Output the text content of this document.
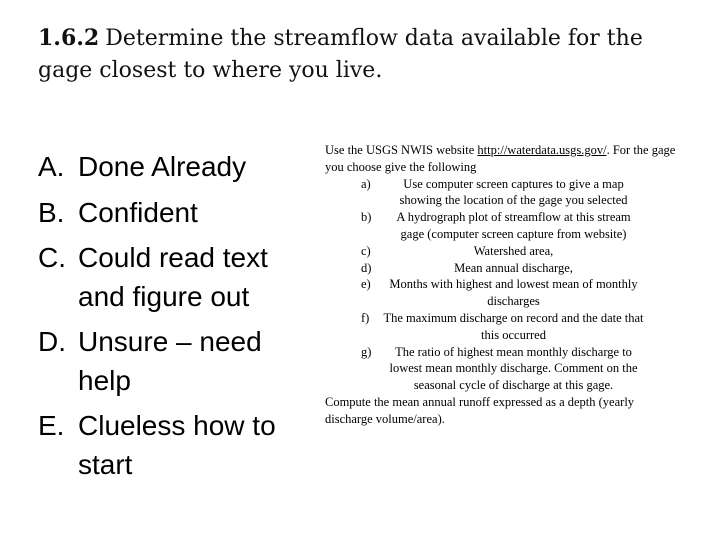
1.6.2 Determine the streamflow data available for the gage closest to where you live.
A. Done Already
B. Confident
C. Could read text and figure out
D. Unsure – need help
E. Clueless how to start
Use the USGS NWIS website http://waterdata.usgs.gov/. For the gage you choose give the following
a)	Use computer screen captures to give a map showing the location of the gage you selected
b) A hydrograph plot of streamflow at this stream gage (computer screen capture from website)
c)	Watershed area,
d)	Mean annual discharge,
e) Months with highest and lowest mean of monthly discharges
f) The maximum discharge on record and the date that this occurred
g) The ratio of highest mean monthly discharge to lowest mean monthly discharge. Comment on the seasonal cycle of discharge at this gage.
Compute the mean annual runoff expressed as a depth (yearly discharge volume/area).
